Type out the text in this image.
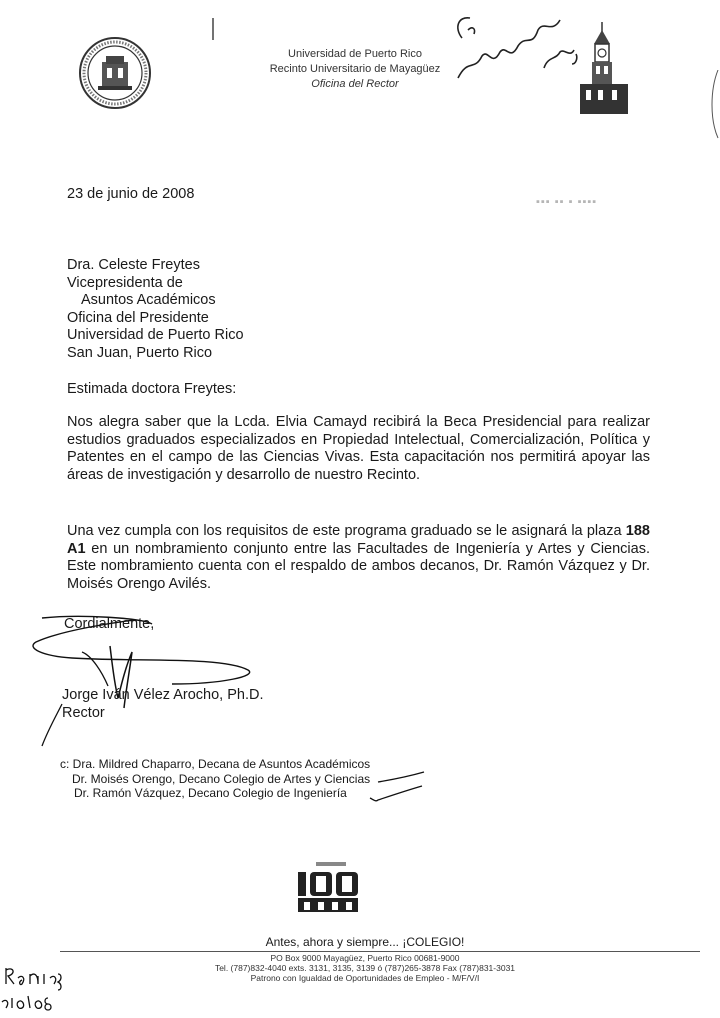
Universidad de Puerto Rico
Recinto Universitario de Mayagüez
Oficina del Rector
23 de junio de 2008	▪▪▪ ▪▪ ▪ ▪▪▪▪
Dra. Celeste Freytes
Vicepresidenta de
Asuntos Académicos
Oficina del Presidente
Universidad de Puerto Rico
San Juan, Puerto Rico
Estimada doctora Freytes:
Nos alegra saber que la Lcda. Elvia Camayd recibirá la Beca Presidencial para realizar estudios graduados especializados en Propiedad Intelectual, Comercialización, Política y Patentes en el campo de las Ciencias Vivas. Esta capacitación nos permitirá apoyar las áreas de investigación y desarrollo de nuestro Recinto.
Una vez cumpla con los requisitos de este programa graduado se le asignará la plaza 188 A1 en un nombramiento conjunto entre las Facultades de Ingeniería y Artes y Ciencias. Este nombramiento cuenta con el respaldo de ambos decanos, Dr. Ramón Vázquez y Dr. Moisés Orengo Avilés.
Cordialmente,
Jorge Iván Vélez Arocho, Ph.D.
Rector
c: Dra. Mildred Chaparro, Decana de Asuntos Académicos
Dr. Moisés Orengo, Decano Colegio de Artes y Ciencias
Dr. Ramón Vázquez, Decano Colegio de Ingeniería
Antes, ahora y siempre... ¡COLEGIO!
PO Box 9000 Mayagüez, Puerto Rico 00681-9000
Tel. (787)832-4040 exts. 3131, 3135, 3139 ó (787)265-3878 Fax (787)831-3031
Patrono con Igualdad de Oportunidades de Empleo - M/F/V/I
